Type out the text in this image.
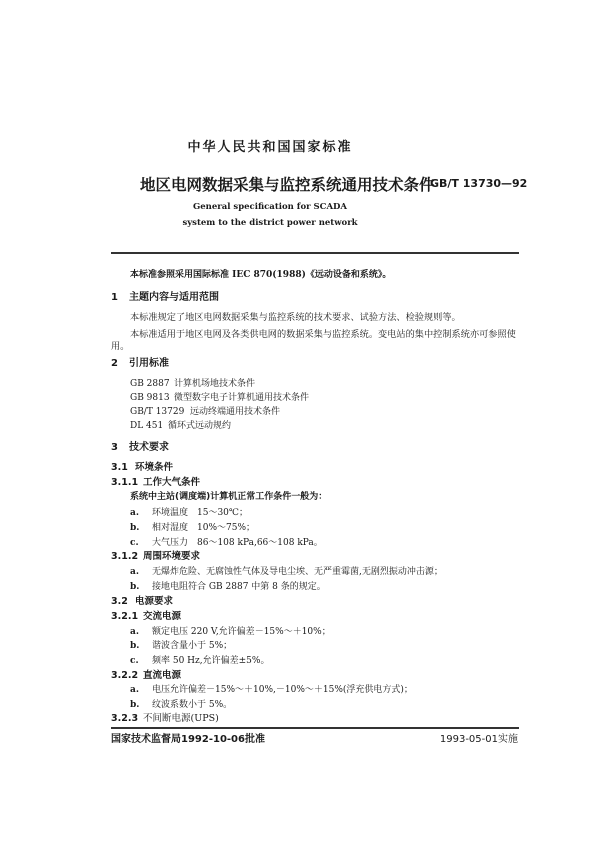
中华人民共和国国家标准
地区电网数据采集与监控系统通用技术条件
GB/T 13730—92
General specification for SCADA
system to the district power network
本标准参照采用国际标准 IEC 870(1988)《远动设备和系统》。
1 主题内容与适用范围
本标准规定了地区电网数据采集与监控系统的技术要求、试验方法、检验规则等。
本标准适用于地区电网及各类供电网的数据采集与监控系统。变电站的集中控制系统亦可参照使
用。
2 引用标准
GB 2887 计算机场地技术条件
GB 9813 微型数字电子计算机通用技术条件
GB/T 13729 远动终端通用技术条件
DL 451 循环式远动规约
3 技术要求
3.1 环境条件
3.1.1 工作大气条件
系统中主站(调度端)计算机正常工作条件一般为：
a. 环境温度　15～30℃；
b. 相对湿度　10%～75%；
c. 大气压力　86～108 kPa,66～108 kPa。
3.1.2 周围环境要求
a. 无爆炸危险、无腐蚀性气体及导电尘埃、无严重霉菌,无剧烈振动冲击源；
b. 接地电阻符合 GB 2887 中第 8 条的规定。
3.2 电源要求
3.2.1 交流电源
a. 额定电压 220 V,允许偏差－15%～＋10%；
b. 谐波含量小于 5%；
c. 频率 50 Hz,允许偏差±5%。
3.2.2 直流电源
a. 电压允许偏差－15%～＋10%,－10%～＋15%(浮充供电方式)；
b. 纹波系数小于 5%。
3.2.3 不间断电源(UPS)
国家技术监督局1992-10-06批准	1993-05-01实施
